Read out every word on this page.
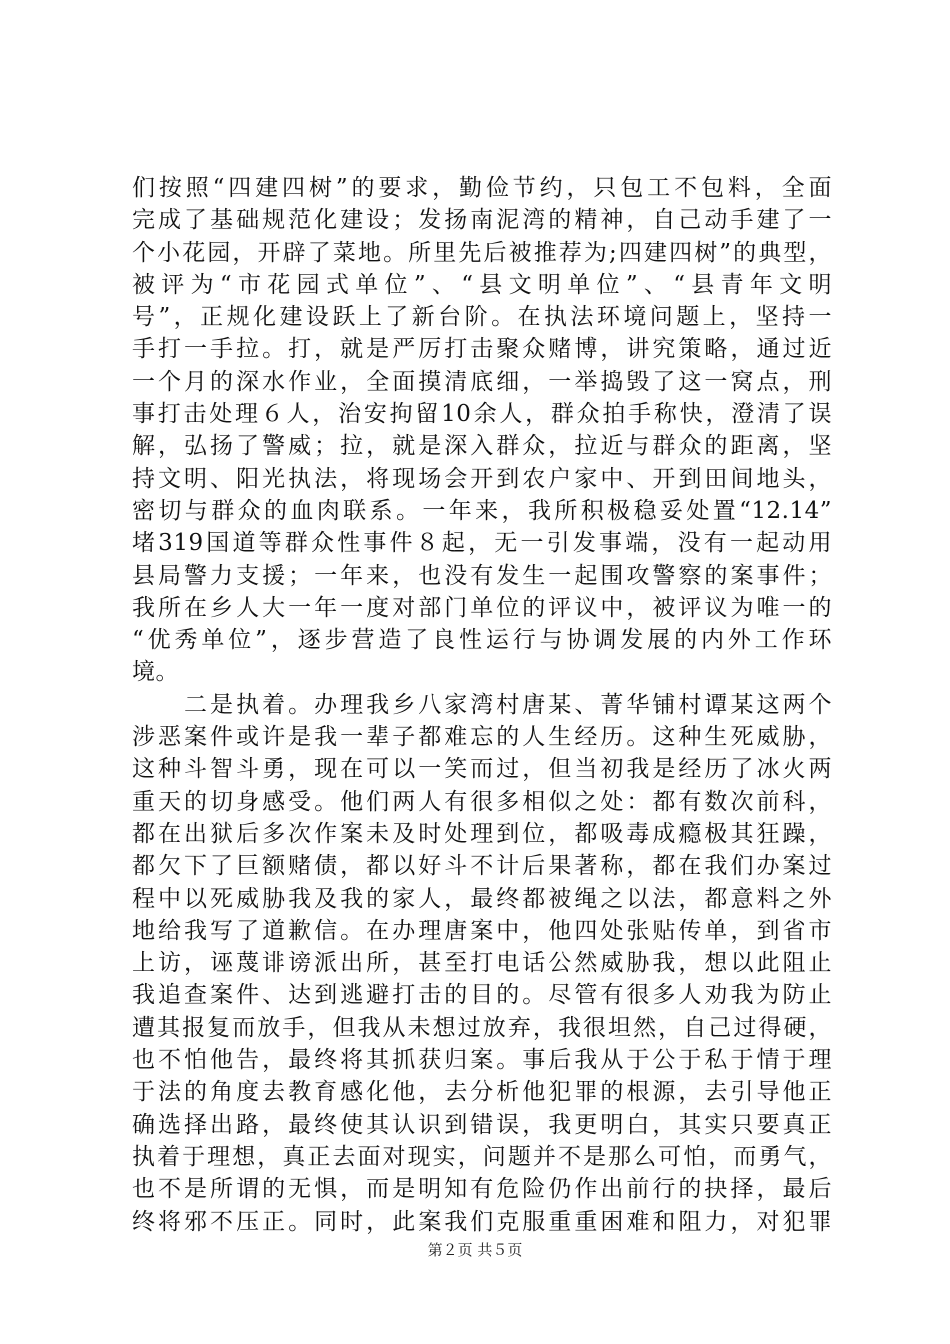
们按照“四建四树”的要求，勤俭节约，只包工不包料，全面
完成了基础规范化建设；发扬南泥湾的精神，自己动手建了一
个小花园，开辟了菜地。所里先后被推荐为;四建四树”的典型，
被评为“市花园式单位”、“县文明单位”、“县青年文明
号”，正规化建设跃上了新台阶。在执法环境问题上，坚持一
手打一手拉。打，就是严厉打击聚众赌博，讲究策略，通过近
一个月的深水作业，全面摸清底细，一举捣毁了这一窝点，刑
事打击处理６人，治安拘留10余人，群众拍手称快，澄清了误
解，弘扬了警威；拉，就是深入群众，拉近与群众的距离，坚
持文明、阳光执法，将现场会开到农户家中、开到田间地头，
密切与群众的血肉联系。一年来，我所积极稳妥处置“12.14”
堵319国道等群众性事件８起，无一引发事端，没有一起动用
县局警力支援；一年来，也没有发生一起围攻警察的案事件；
我所在乡人大一年一度对部门单位的评议中，被评议为唯一的
“优秀单位”，逐步营造了良性运行与协调发展的内外工作环
境。
　　二是执着。办理我乡八家湾村唐某、菁华铺村谭某这两个
涉恶案件或许是我一辈子都难忘的人生经历。这种生死威胁，
这种斗智斗勇，现在可以一笑而过，但当初我是经历了冰火两
重天的切身感受。他们两人有很多相似之处：都有数次前科，
都在出狱后多次作案未及时处理到位，都吸毒成瘾极其狂躁，
都欠下了巨额赌债，都以好斗不计后果著称，都在我们办案过
程中以死威胁我及我的家人，最终都被绳之以法，都意料之外
地给我写了道歉信。在办理唐案中，他四处张贴传单，到省市
上访，诬蔑诽谤派出所，甚至打电话公然威胁我，想以此阻止
我追查案件、达到逃避打击的目的。尽管有很多人劝我为防止
遭其报复而放手，但我从未想过放弃，我很坦然，自己过得硬，
也不怕他告，最终将其抓获归案。事后我从于公于私于情于理
于法的角度去教育感化他，去分析他犯罪的根源，去引导他正
确选择出路，最终使其认识到错误，我更明白，其实只要真正
执着于理想，真正去面对现实，问题并不是那么可怕，而勇气，
也不是所谓的无惧，而是明知有危险仍作出前行的抉择，最后
终将邪不压正。同时，此案我们克服重重困难和阻力，对犯罪
第２页 共５页
